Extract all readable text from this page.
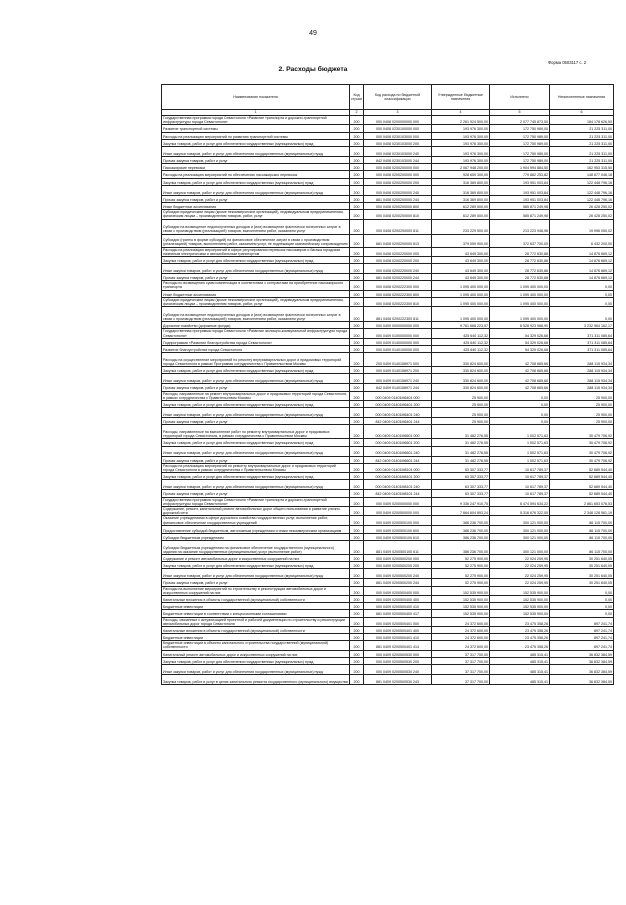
49
Форма 0503117 с. 2
2. Расходы бюджета
Наименование показателя	Код строки	Код расхода по бюджетной классификации	Утвержденные бюджетные назначения	Исполнено	Неисполненные назначения
1	2	3	4	5	6
Государственная программа города Севастополя «Развитие транспорта и дорожно-транспортной инфраструктуры города Севастополя»	200	000 0408 0200000000 000	2 261 924 500,00	2 077 745 873,50	184 178 626,50
Развитие транспортной системы	200	000 0408 0230100000 000	193 976 300,00	172 750 989,00	21 225 311,00
Расходы на реализацию мероприятий по развитию транспортной системы	200	000 0408 0230103000 000	193 976 300,00	172 750 989,00	21 225 311,00
Закупка товаров, работ и услуг для обеспечения государственных (муниципальных) нужд	200	000 0408 0230103000 200	193 976 300,00	172 750 989,00	21 225 311,00
Иные закупки товаров, работ и услуг для обеспечения государственных (муниципальных) нужд	200	000 0408 0230103000 240	193 976 300,00	172 750 989,00	21 225 311,00
Прочая закупка товаров, работ и услуг	200	842 0408 0230103000 244	193 976 300,00	172 750 989,00	21 225 311,00
Пассажирские перевозки	200	000 0408 0200200000 000	2 067 948 200,00	1 904 994 884,50	162 953 315,50
Расходы на реализацию мероприятий по обеспечению пассажирских перевозок	200	000 0408 0200200000 000	928 659 300,00	779 882 253,82	148 677 046,18
Закупка товаров, работ и услуг для обеспечения государственных (муниципальных) нужд	200	000 0408 0200200000 200	316 369 800,00	193 951 003,84	122 448 796,16
Иные закупки товаров, работ и услуг для обеспечения государственных (муниципальных) нужд	200	000 0408 0200200000 240	316 369 800,00	193 951 003,84	122 448 796,16
Прочая закупка товаров, работ и услуг	200	881 0408 0200200000 244	316 369 800,00	193 951 003,84	122 448 796,16
Иные бюджетные ассигнования	200	000 0408 0200200000 800	612 289 500,00	585 871 249,98	26 428 250,02
Субсидии юридическим лицам (кроме некоммерческих организаций), индивидуальным предпринимателям, физическим лицам – производителям товаров, работ, услуг	200	000 0408 0200200000 810	612 289 500,00	585 871 249,98	26 428 250,02
Субсидии на возмещение недополученных доходов и (или) возмещение фактически понесенных затрат в связи с производством (реализацией) товаров, выполнением работ, оказанием услуг	200	000 0408 0200200000 811	233 229 500,00	213 223 948,98	19 996 050,02
Субсидии (гранты в форме субсидий) на финансовое обеспечение затрат в связи с производством (реализацией) товаров, выполнением работ, оказанием услуг, не подлежащие казначейскому сопровождению	200	881 0408 0200200000 813	379 059 900,00	372 637 700,00	6 432 200,00
Расходы на реализацию мероприятий в сфере регулирования перевозок пассажиров и багажа городским наземным электрическим и автомобильным транспортом	200	000 0408 0200220000 000	43 649 300,00	28 772 630,88	14 876 669,12
Закупка товаров, работ и услуг для обеспечения государственных (муниципальных) нужд	200	000 0408 0200220000 200	43 649 300,00	28 772 630,88	14 876 669,12
Иные закупки товаров, работ и услуг для обеспечения государственных (муниципальных) нужд	200	000 0408 0200220000 240	43 649 300,00	28 772 630,88	14 876 669,12
Прочая закупка товаров, работ и услуг	200	881 0408 0200220000 244	43 649 300,00	28 772 630,88	14 876 669,12
Расходы по возмещению сумм компенсации в соответствии с контрактами на приобретение пассажирского транспорта	200	000 0408 0200222300 000	1 095 400 000,00	1 095 400 000,00	0,00
Иные бюджетные ассигнования	200	000 0408 0200222300 800	1 095 400 000,00	1 095 400 000,00	0,00
Субсидии юридическим лицам (кроме некоммерческих организаций), индивидуальным предпринимателям, физическим лицам – производителям товаров, работ, услуг	200	000 0408 0200222300 810	1 095 400 000,00	1 095 400 000,00	0,00
Субсидии на возмещение недополученных доходов и (или) возмещение фактически понесенных затрат в связи с производством (реализацией) товаров, выполнением работ, оказанием услуг	200	881 0408 0200222300 811	1 095 400 000,00	1 095 400 000,00	0,00
Дорожное хозяйство (дорожные фонды)	200	000 0409 0000000000 000	9 761 668 223,57	6 528 923 988,90	3 232 964 162,17
Государственная программа города Севастополя «Развитие жилищно-коммунальной инфраструктуры города Севастополя»	200	000 0409 0100000000 000	425 640 112,32	54 329 026,68	371 311 085,64
Подпрограмма «Развитие благоустройства города Севастополя»	200	000 0409 0140000000 000	425 640 112,32	54 329 026,68	371 311 085,64
Развитие благоустройства города Севастополя	200	000 0409 0140100000 000	425 640 112,32	54 329 026,68	371 311 085,64
Расходы на осуществление мероприятий по ремонту внутриквартальных дорог и придомовых территорий города Севастополя в рамках Программы сотрудничества с Правительством Москвы	200	200 0409 0140158971 000	330 824 600,00	42 708 665,66	288 115 934,34
Закупка товаров, работ и услуг для обеспечения государственных (муниципальных) нужд	200	000 0409 0140158971 200	330 824 600,00	42 708 665,66	288 115 934,34
Иные закупки товаров, работ и услуг для обеспечения государственных (муниципальных) нужд	200	000 0409 0140158971 240	330 824 600,00	42 708 665,66	288 115 934,34
Прочая закупка товаров, работ и услуг	200	842 0409 0140158971 244	330 824 600,00	42 708 665,66	288 115 934,34
Расходы, направленные на ремонт внутриквартальных дорог и придомовых территорий города Севастополя, в рамках сотрудничества с Правительством Москвы	200	000 0409 01401M6401 000	25 900,00	0,00	25 900,00
Закупка товаров, работ и услуг для обеспечения государственных (муниципальных) нужд	200	000 0409 01401M6401 200	25 900,00	0,00	25 900,00
Иные закупки товаров, работ и услуг для обеспечения государственных (муниципальных) нужд	200	000 0409 01401M6401 240	25 900,00	0,00	25 900,00
Прочая закупка товаров, работ и услуг	200	842 0409 01401M6401 244	25 900,00	0,00	25 900,00
Расходы, направленные на выполнение работ по ремонту внутриквартальных дорог и придомовых территорий города Севастополя, в рамках сотрудничества с Правительством Москвы	200	000 0409 01401M6601 000	31 482 276,55	1 002 571,63	30 479 706,92
Закупка товаров, работ и услуг для обеспечения государственных (муниципальных) нужд	200	000 0409 01401M6601 200	31 482 276,55	1 002 571,63	30 479 706,92
Иные закупки товаров, работ и услуг для обеспечения государственных (муниципальных) нужд	200	000 0409 01401M6601 240	31 482 276,55	1 002 571,63	30 479 706,92
Прочая закупка товаров, работ и услуг	200	842 0409 01401M6601 244	31 482 276,55	1 002 571,63	30 479 706,92
Расходы на реализацию мероприятий по ремонту внутриквартальных дорог и придомовых территорий города Севастополя в рамках сотрудничества с Правительством Москвы	200	000 0409 01401M8101 000	63 307 333,77	10 617 789,37	52 689 544,40
Закупка товаров, работ и услуг для обеспечения государственных (муниципальных) нужд	200	000 0409 01401M8101 200	63 307 333,77	10 617 789,37	52 689 544,40
Иные закупки товаров, работ и услуг для обеспечения государственных (муниципальных) нужд	200	000 0409 01401M8101 240	63 307 333,77	10 617 789,37	52 689 544,40
Прочая закупка товаров, работ и услуг	200	842 0409 01401M8101 244	63 307 333,77	10 617 789,37	52 689 544,40
Государственная программа города Севастополя «Развитие транспорта и дорожно-транспортной инфраструктуры города Севастополя»	200	000 0409 0200000000 000	9 336 247 910,75	6 474 594 634,22	2 861 653 076,53
Содержание, ремонт, капитальный ремонт автомобильных дорог общего пользования и развитие улично-дорожной сети	200	000 0409 0200500000 000	7 664 604 893,24	5 316 676 322,05	2 348 128 561,19
Оказание учреждениями в сфере дорожного хозяйства государственных услуг, выполнение работ, финансовое обеспечение государственных учреждений	200	000 0409 0200500100 000	386 236 700,00	300 121 000,00	86 115 700,00
Предоставление субсидий бюджетным, автономным учреждениям и иным некоммерческим организациям	200	000 0409 0200500100 600	386 236 700,00	300 121 000,00	86 115 700,00
Субсидии бюджетным учреждениям	200	000 0409 0200500100 610	386 236 700,00	300 121 000,00	86 115 700,00
Субсидии бюджетным учреждениям на финансовое обеспечение государственного (муниципального) задания на оказание государственных (муниципальных) услуг (выполнение работ)	200	881 0409 0200500100 611	386 236 700,00	300 121 000,00	86 115 700,00
Содержание и ремонт автомобильных дорог и искусственных сооружений на них	200	000 0409 0200500200 000	52 275 900,00	22 024 259,95	30 251 640,05
Закупка товаров, работ и услуг для обеспечения государственных (муниципальных) нужд	200	000 0409 0200500200 200	52 275 900,00	22 024 259,95	30 251 640,05
Иные закупки товаров, работ и услуг для обеспечения государственных (муниципальных) нужд	200	000 0409 0200500200 240	52 275 900,00	22 024 259,95	30 251 640,05
Прочая закупка товаров, работ и услуг	200	881 0409 0200500200 244	52 275 900,00	22 024 259,95	30 251 640,05
Расходы на выполнение мероприятий по строительству и реконструкции автомобильных дорог и искусственных сооружений на них	200	000 0409 0200500400 000	152 535 900,00	152 535 900,00	0,00
Капитальные вложения в объекты государственной (муниципальной) собственности	200	000 0409 0200500400 400	152 535 900,00	152 535 900,00	0,00
Бюджетные инвестиции	200	000 0409 0200500400 410	152 535 900,00	152 535 900,00	0,00
Бюджетные инвестиции в соответствии с концессионными соглашениями	200	881 0409 0200500400 417	152 535 900,00	152 535 900,00	0,00
Расходы, связанные с актуализацией проектной и рабочей документации по строительству и реконструкции автомобильных дорог города Севастополя	200	000 0409 0200500401 000	24 372 600,00	23 475 358,26	897 241,74
Капитальные вложения в объекты государственной (муниципальной) собственности	200	000 0409 0200500401 400	24 372 600,00	23 475 358,26	897 241,74
Бюджетные инвестиции	200	000 0409 0200500401 410	24 372 600,00	23 475 358,26	897 241,74
Бюджетные инвестиции в объекты капитального строительства государственной (муниципальной) собственности	200	881 0409 0200500401 414	24 372 600,00	23 475 358,26	897 241,74
Капитальный ремонт автомобильных дорог и искусственных сооружений на них	200	000 0409 0200500530 000	37 317 700,00	485 315,41	36 832 384,59
Закупка товаров, работ и услуг для обеспечения государственных (муниципальных) нужд	200	000 0409 0200500530 200	37 317 700,00	485 315,41	36 832 384,59
Иные закупки товаров, работ и услуг для обеспечения государственных (муниципальных) нужд	200	000 0409 0200500530 240	37 317 700,00	485 315,41	36 832 384,59
Закупка товаров, работ и услуг в целях капитального ремонта государственного (муниципального) имущества	200	881 0409 0200500530 243	37 317 700,00	485 315,41	36 832 384,59
